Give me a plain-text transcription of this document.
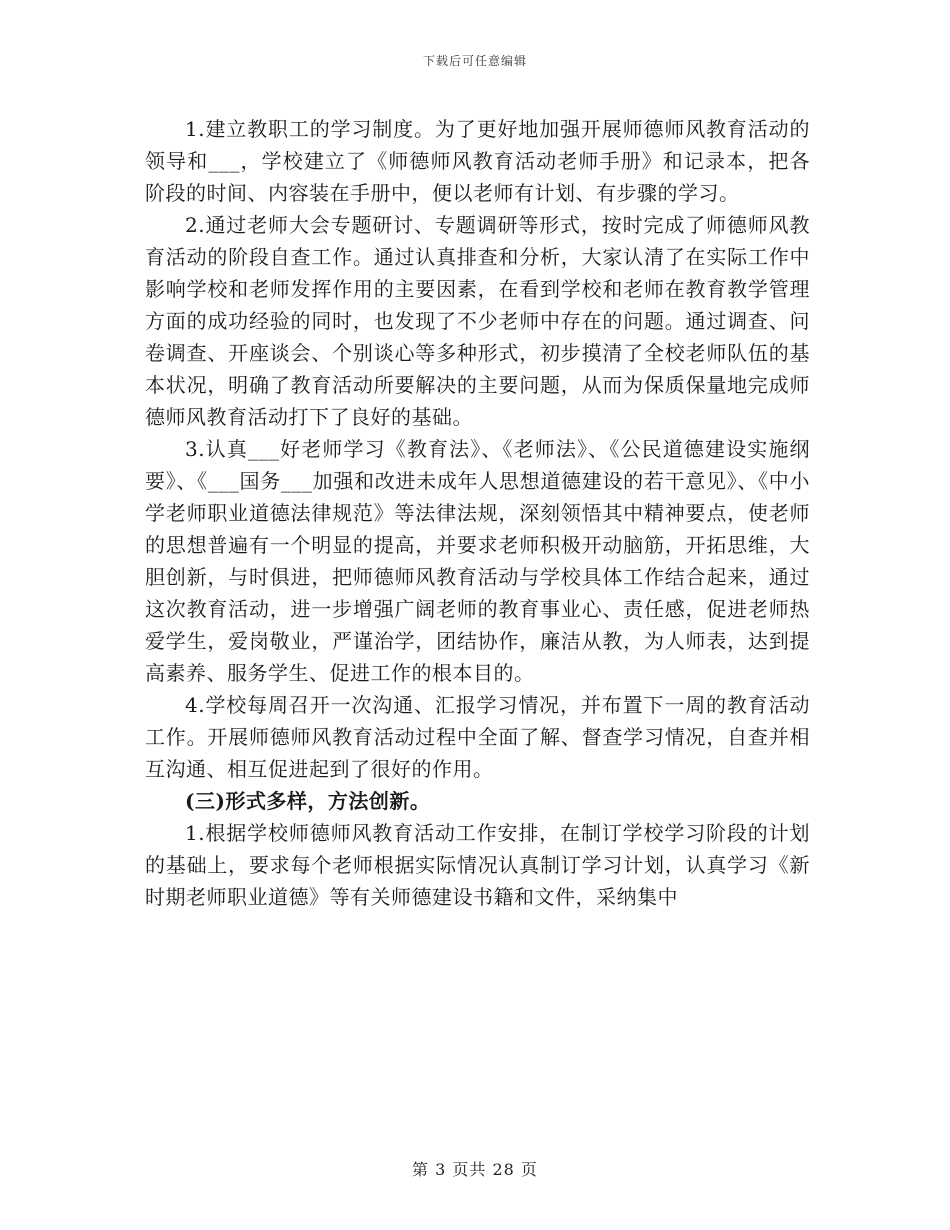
下载后可任意编辑

1.建立教职工的学习制度。为了更好地加强开展师德师风教育活动的领导和___，学校建立了《师德师风教育活动老师手册》和记录本，把各阶段的时间、内容装在手册中，便以老师有计划、有步骤的学习。

2.通过老师大会专题研讨、专题调研等形式，按时完成了师德师风教育活动的阶段自查工作。通过认真排查和分析，大家认清了在实际工作中影响学校和老师发挥作用的主要因素，在看到学校和老师在教育教学管理方面的成功经验的同时，也发现了不少老师中存在的问题。通过调查、问卷调查、开座谈会、个别谈心等多种形式，初步摸清了全校老师队伍的基本状况，明确了教育活动所要解决的主要问题，从而为保质保量地完成师德师风教育活动打下了良好的基础。

3.认真___好老师学习《教育法》、《老师法》、《公民道德建设实施纲要》、《___国务___加强和改进未成年人思想道德建设的若干意见》、《中小学老师职业道德法律规范》等法律法规，深刻领悟其中精神要点，使老师的思想普遍有一个明显的提高，并要求老师积极开动脑筋，开拓思维，大胆创新，与时俱进，把师德师风教育活动与学校具体工作结合起来，通过这次教育活动，进一步增强广阔老师的教育事业心、责任感，促进老师热爱学生，爱岗敬业，严谨治学，团结协作，廉洁从教，为人师表，达到提高素养、服务学生、促进工作的根本目的。

4.学校每周召开一次沟通、汇报学习情况，并布置下一周的教育活动工作。开展师德师风教育活动过程中全面了解、督查学习情况，自查并相互沟通、相互促进起到了很好的作用。

(三)形式多样，方法创新。

1.根据学校师德师风教育活动工作安排，在制订学校学习阶段的计划的基础上，要求每个老师根据实际情况认真制订学习计划，认真学习《新时期老师职业道德》等有关师德建设书籍和文件，采纳集中

第 3 页共 28 页
